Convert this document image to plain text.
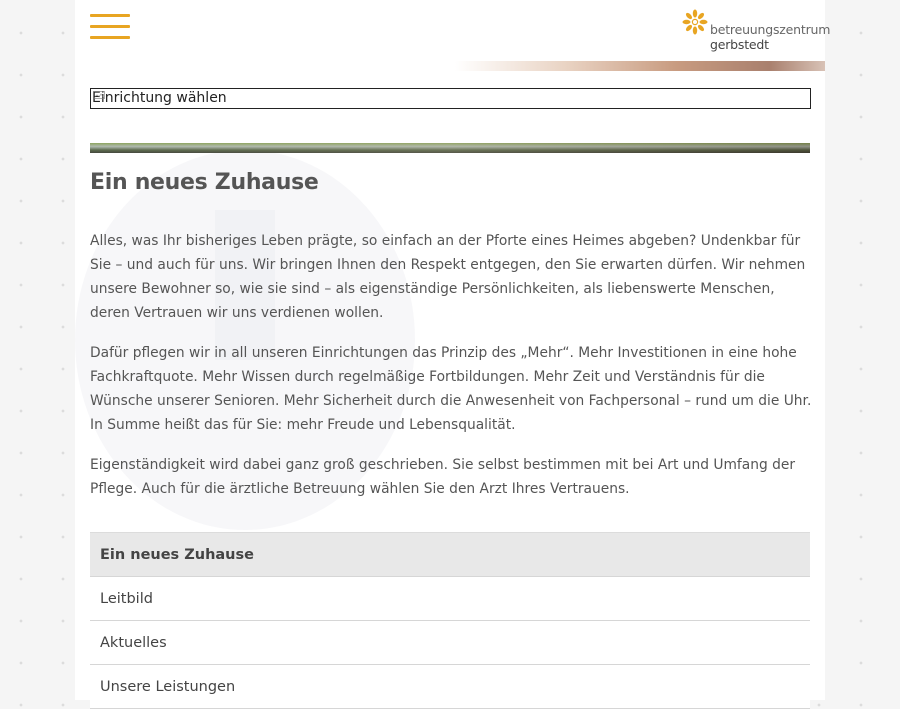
betreuungszentrum
gerbstedt
Einrichtung wählen
Ein neues Zuhause

Alles, was Ihr bisheriges Leben prägte, so einfach an der Pforte eines Heimes abgeben? Undenkbar für Sie – und auch für uns. Wir bringen Ihnen den Respekt entgegen, den Sie erwarten dürfen. Wir nehmen unsere Bewohner so, wie sie sind – als eigenständige Persönlichkeiten, als liebenswerte Menschen, deren Vertrauen wir uns verdienen wollen.

Dafür pflegen wir in all unseren Einrichtungen das Prinzip des „Mehr“. Mehr Investitionen in eine hohe Fachkraftquote. Mehr Wissen durch regelmäßige Fortbildungen. Mehr Zeit und Verständnis für die Wünsche unserer Senioren. Mehr Sicherheit durch die Anwesenheit von Fachpersonal – rund um die Uhr. In Summe heißt das für Sie: mehr Freude und Lebensqualität.

Eigenständigkeit wird dabei ganz groß geschrieben. Sie selbst bestimmen mit bei Art und Umfang der Pflege. Auch für die ärztliche Betreuung wählen Sie den Arzt Ihres Vertrauens.

Ein neues Zuhause
Leitbild
Aktuelles
Unsere Leistungen
